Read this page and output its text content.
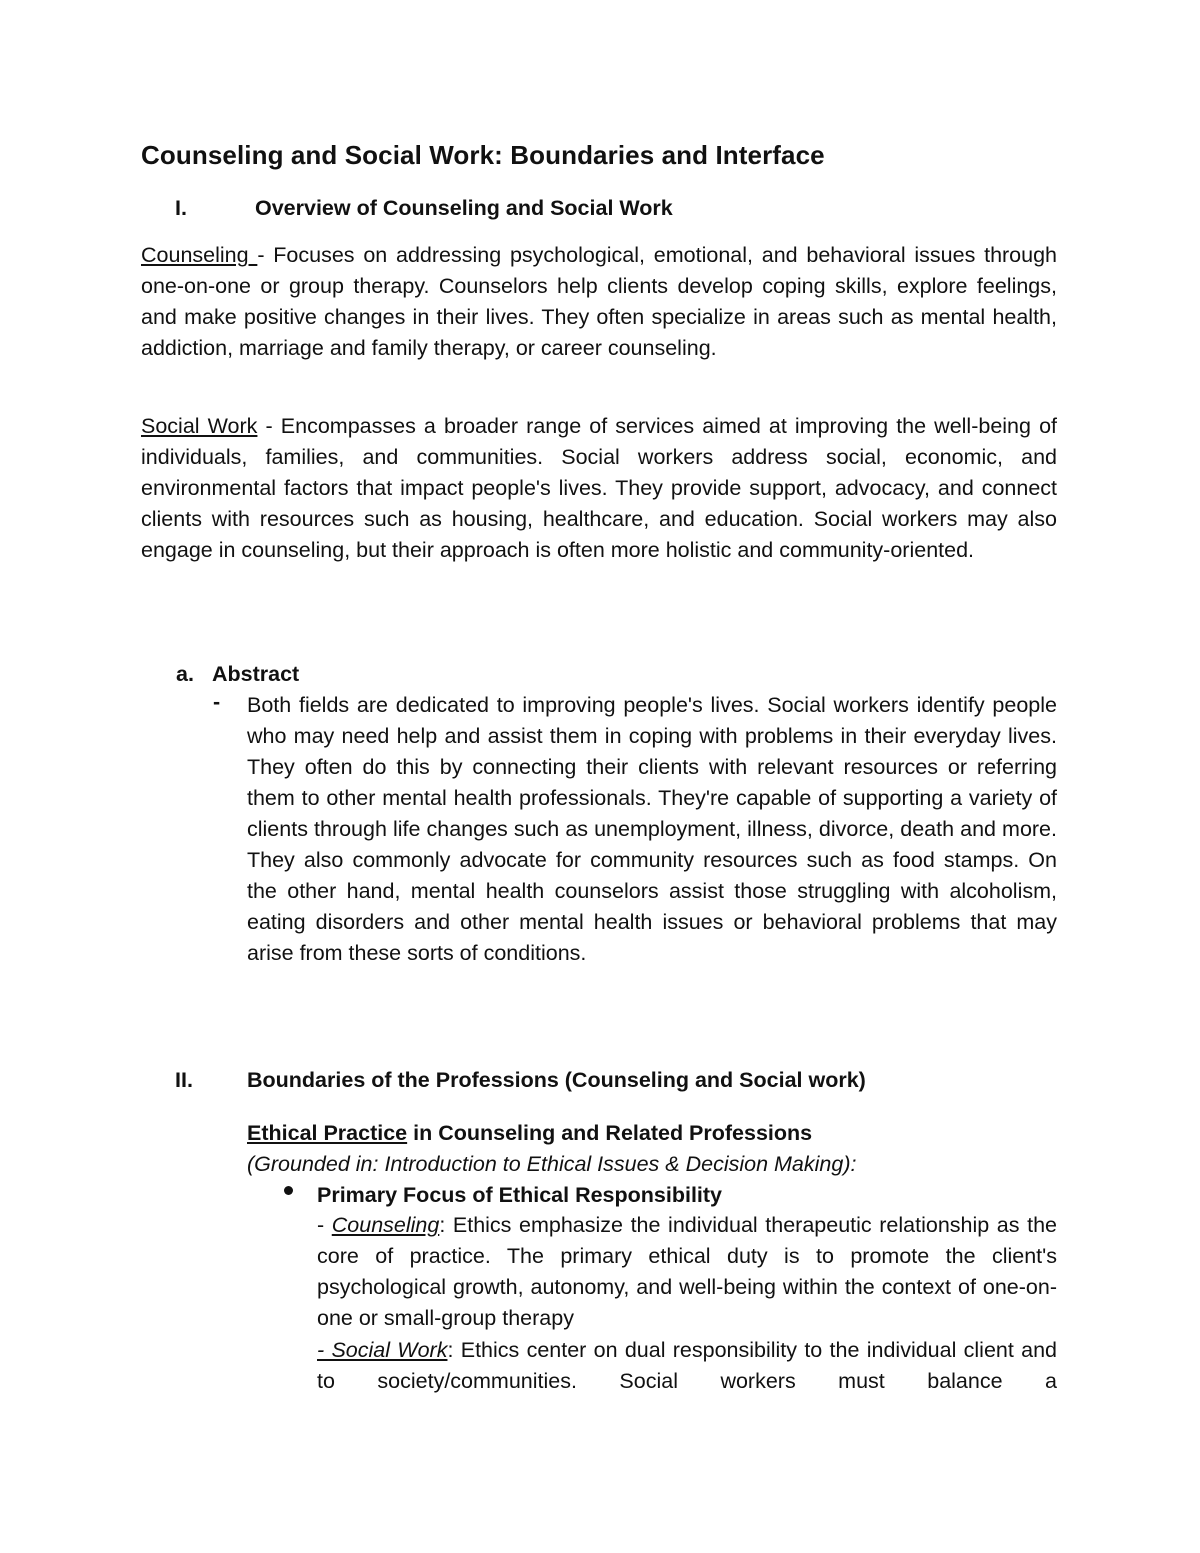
Counseling and Social Work: Boundaries and Interface
I.	Overview of Counseling and Social Work
Counseling - Focuses on addressing psychological, emotional, and behavioral issues through one-on-one or group therapy. Counselors help clients develop coping skills, explore feelings, and make positive changes in their lives. They often specialize in areas such as mental health, addiction, marriage and family therapy, or career counseling.
Social Work - Encompasses a broader range of services aimed at improving the well-being of individuals, families, and communities. Social workers address social, economic, and environmental factors that impact people's lives. They provide support, advocacy, and connect clients with resources such as housing, healthcare, and education. Social workers may also engage in counseling, but their approach is often more holistic and community-oriented.
a. Abstract
- Both fields are dedicated to improving people's lives. Social workers identify people who may need help and assist them in coping with problems in their everyday lives. They often do this by connecting their clients with relevant resources or referring them to other mental health professionals. They're capable of supporting a variety of clients through life changes such as unemployment, illness, divorce, death and more. They also commonly advocate for community resources such as food stamps. On the other hand, mental health counselors assist those struggling with alcoholism, eating disorders and other mental health issues or behavioral problems that may arise from these sorts of conditions.
II.	Boundaries of the Professions (Counseling and Social work)
Ethical Practice in Counseling and Related Professions
(Grounded in: Introduction to Ethical Issues & Decision Making):
Primary Focus of Ethical Responsibility
- Counseling: Ethics emphasize the individual therapeutic relationship as the core of practice. The primary ethical duty is to promote the client's psychological growth, autonomy, and well-being within the context of one-on-one or small-group therapy
- Social Work: Ethics center on dual responsibility to the individual client and to society/communities. Social workers must balance a
